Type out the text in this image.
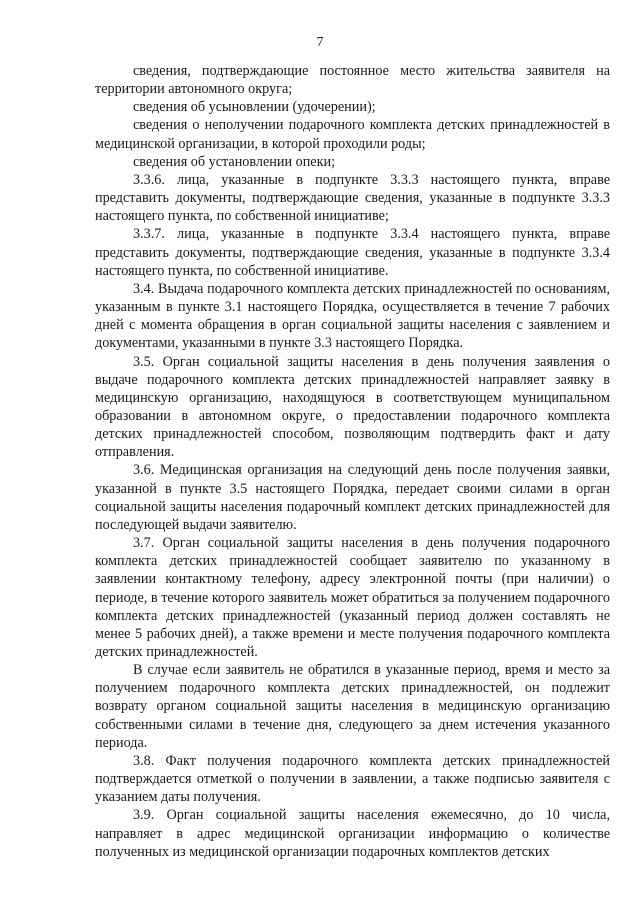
7

сведения, подтверждающие постоянное место жительства заявителя на территории автономного округа;

сведения об усыновлении (удочерении);

сведения о неполучении подарочного комплекта детских принадлежностей в медицинской организации, в которой проходили роды;

сведения об установлении опеки;

3.3.6. лица, указанные в подпункте 3.3.3 настоящего пункта, вправе представить документы, подтверждающие сведения, указанные в подпункте 3.3.3 настоящего пункта, по собственной инициативе;

3.3.7. лица, указанные в подпункте 3.3.4 настоящего пункта, вправе представить документы, подтверждающие сведения, указанные в подпункте 3.3.4 настоящего пункта, по собственной инициативе.

3.4. Выдача подарочного комплекта детских принадлежностей по основаниям, указанным в пункте 3.1 настоящего Порядка, осуществляется в течение 7 рабочих дней с момента обращения в орган социальной защиты населения с заявлением и документами, указанными в пункте 3.3 настоящего Порядка.

3.5. Орган социальной защиты населения в день получения заявления о выдаче подарочного комплекта детских принадлежностей направляет заявку в медицинскую организацию, находящуюся в соответствующем муниципальном образовании в автономном округе, о предоставлении подарочного комплекта детских принадлежностей способом, позволяющим подтвердить факт и дату отправления.

3.6. Медицинская организация на следующий день после получения заявки, указанной в пункте 3.5 настоящего Порядка, передает своими силами в орган социальной защиты населения подарочный комплект детских принадлежностей для последующей выдачи заявителю.

3.7. Орган социальной защиты населения в день получения подарочного комплекта детских принадлежностей сообщает заявителю по указанному в заявлении контактному телефону, адресу электронной почты (при наличии) о периоде, в течение которого заявитель может обратиться за получением подарочного комплекта детских принадлежностей (указанный период должен составлять не менее 5 рабочих дней), а также времени и месте получения подарочного комплекта детских принадлежностей.

В случае если заявитель не обратился в указанные период, время и место за получением подарочного комплекта детских принадлежностей, он подлежит возврату органом социальной защиты населения в медицинскую организацию собственными силами в течение дня, следующего за днем истечения указанного периода.

3.8. Факт получения подарочного комплекта детских принадлежностей подтверждается отметкой о получении в заявлении, а также подписью заявителя с указанием даты получения.

3.9. Орган социальной защиты населения ежемесячно, до 10 числа, направляет в адрес медицинской организации информацию о количестве полученных из медицинской организации подарочных комплектов детских
